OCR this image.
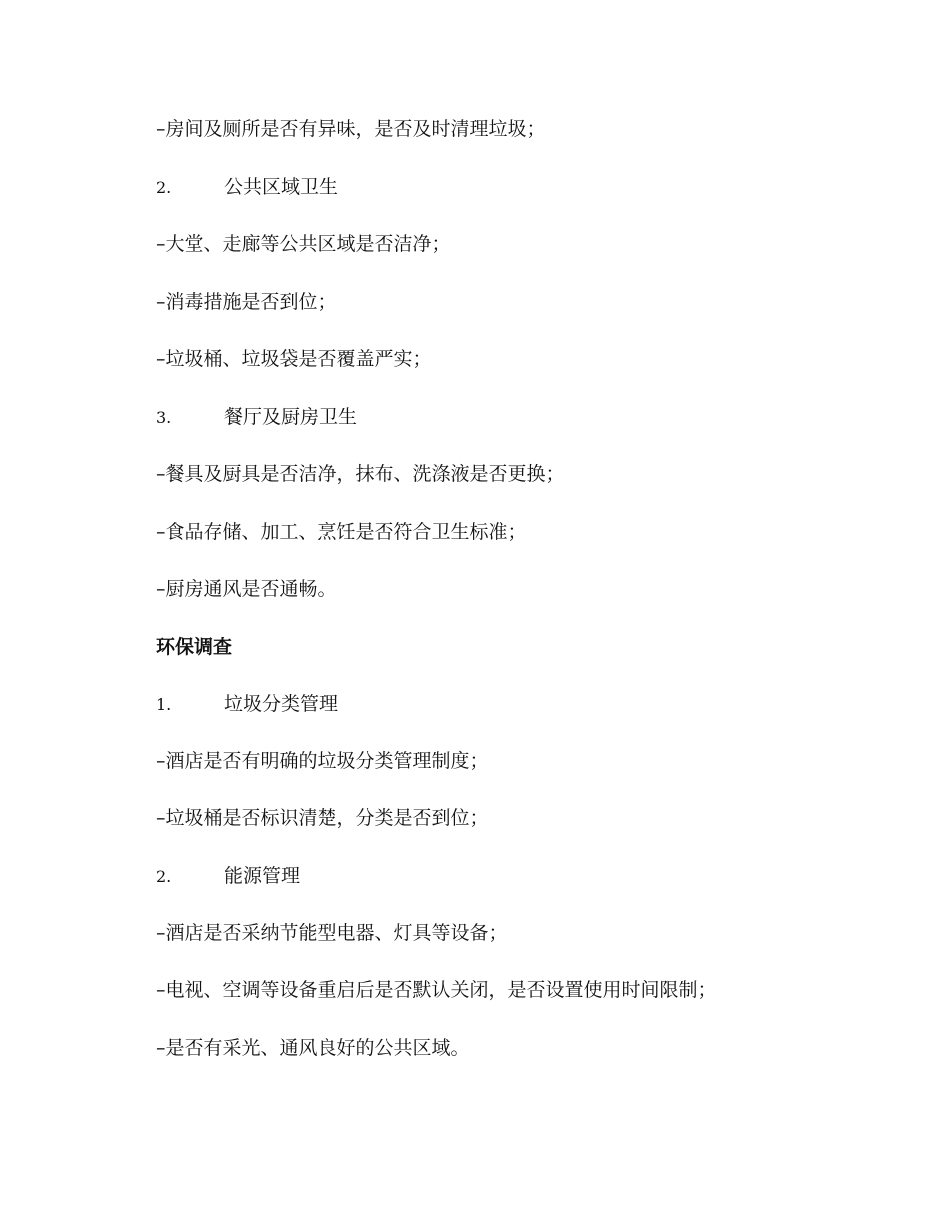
–房间及厕所是否有异味，是否及时清理垃圾；
2.	公共区域卫生
–大堂、走廊等公共区域是否洁净；
–消毒措施是否到位；
–垃圾桶、垃圾袋是否覆盖严实；
3.	餐厅及厨房卫生
–餐具及厨具是否洁净，抹布、洗涤液是否更换；
–食品存储、加工、烹饪是否符合卫生标准；
–厨房通风是否通畅。
环保调查
1.	垃圾分类管理
–酒店是否有明确的垃圾分类管理制度；
–垃圾桶是否标识清楚，分类是否到位；
2.	能源管理
–酒店是否采纳节能型电器、灯具等设备；
–电视、空调等设备重启后是否默认关闭，是否设置使用时间限制；
–是否有采光、通风良好的公共区域。
